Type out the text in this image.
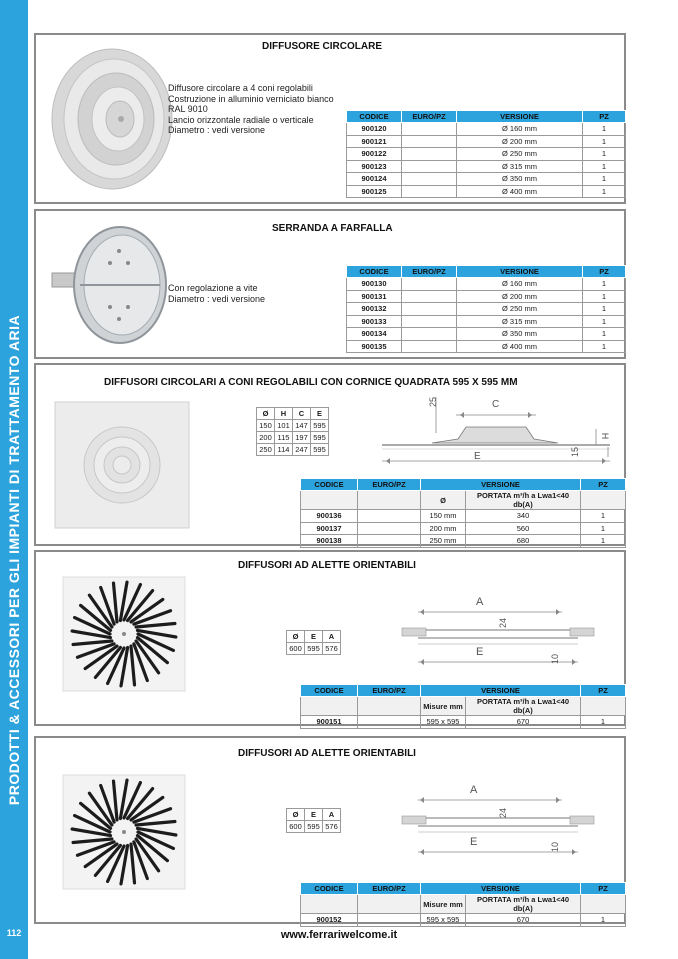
PRODOTTI & ACCESSORI PER GLI IMPIANTI DI TRATTAMENTO ARIA
112
DIFFUSORE CIRCOLARE
Diffusore circolare a 4 coni regolabili
Costruzione in alluminio verniciato bianco
RAL 9010
Lancio orizzontale radiale o verticale
Diametro : vedi versione
CODICE	EURO/PZ	VERSIONE	PZ
900120		Ø 160 mm	1
900121		Ø 200 mm	1
900122		Ø 250 mm	1
900123		Ø 315 mm	1
900124		Ø 350 mm	1
900125		Ø 400 mm	1
SERRANDA A FARFALLA
Con regolazione a vite
Diametro : vedi versione
CODICE	EURO/PZ	VERSIONE	PZ
900130		Ø 160 mm	1
900131		Ø 200 mm	1
900132		Ø 250 mm	1
900133		Ø 315 mm	1
900134		Ø 350 mm	1
900135		Ø 400 mm	1
DIFFUSORI CIRCOLARI A CONI REGOLABILI CON CORNICE QUADRATA 595 X 595 MM
Ø	H	C	E
150	101	147	595
200	115	197	595
250	114	247	595
25	C
H
15
E
CODICE	EURO/PZ	VERSIONE		PZ
		Ø	PORTATA m³/h a Lwa1<40 db(A)	
900136		150 mm	340	1
900137		200 mm	560	1
900138		250 mm	680	1
DIFFUSORI AD ALETTE ORIENTABILI
Ø	E	A
600	595	576
A
24
E
10
CODICE	EURO/PZ	VERSIONE		PZ
		Misure mm	PORTATA m³/h a Lwa1<40 db(A)	
900151		595 x 595	670	1
DIFFUSORI AD ALETTE ORIENTABILI
Ø	E	A
600	595	576
A
24
E	10
CODICE	EURO/PZ	VERSIONE		PZ
		Misure mm	PORTATA m³/h a Lwa1<40 db(A)	
900152		595 x 595	670	1
www.ferrariwelcome.it
